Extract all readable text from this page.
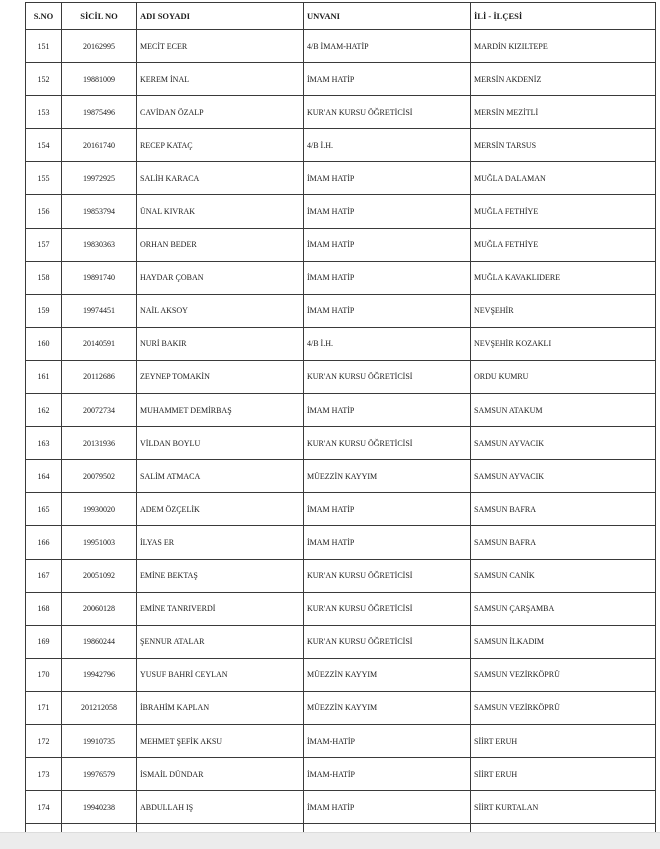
S.NO	SİCİL NO	ADI SOYADI	UNVANI	İLİ - İLÇESİ
151	20162995	MECİT ECER	4/B İMAM-HATİP	MARDİN KIZILTEPE
152	19881009	KEREM İNAL	İMAM HATİP	MERSİN AKDENİZ
153	19875496	CAVİDAN ÖZALP	KUR'AN KURSU ÖĞRETİCİSİ	MERSİN MEZİTLİ
154	20161740	RECEP KATAÇ	4/B İ.H.	MERSİN TARSUS
155	19972925	SALİH KARACA	İMAM HATİP	MUĞLA DALAMAN
156	19853794	ÜNAL KIVRAK	İMAM HATİP	MUĞLA FETHİYE
157	19830363	ORHAN BEDER	İMAM HATİP	MUĞLA FETHİYE
158	19891740	HAYDAR ÇOBAN	İMAM HATİP	MUĞLA KAVAKLIDERE
159	19974451	NAİL AKSOY	İMAM HATİP	NEVŞEHİR
160	20140591	NURİ BAKIR	4/B İ.H.	NEVŞEHİR KOZAKLI
161	20112686	ZEYNEP TOMAKİN	KUR'AN KURSU ÖĞRETİCİSİ	ORDU KUMRU
162	20072734	MUHAMMET DEMİRBAŞ	İMAM HATİP	SAMSUN ATAKUM
163	20131936	VİLDAN BOYLU	KUR'AN KURSU ÖĞRETİCİSİ	SAMSUN AYVACIK
164	20079502	SALİM ATMACA	MÜEZZİN KAYYIM	SAMSUN AYVACIK
165	19930020	ADEM ÖZÇELİK	İMAM HATİP	SAMSUN BAFRA
166	19951003	İLYAS ER	İMAM HATİP	SAMSUN BAFRA
167	20051092	EMİNE BEKTAŞ	KUR'AN KURSU ÖĞRETİCİSİ	SAMSUN CANİK
168	20060128	EMİNE TANRIVERDİ	KUR'AN KURSU ÖĞRETİCİSİ	SAMSUN ÇARŞAMBA
169	19860244	ŞENNUR ATALAR	KUR'AN KURSU ÖĞRETİCİSİ	SAMSUN İLKADIM
170	19942796	YUSUF BAHRİ CEYLAN	MÜEZZİN KAYYIM	SAMSUN VEZİRKÖPRÜ
171	201212058	İBRAHİM KAPLAN	MÜEZZİN KAYYIM	SAMSUN VEZİRKÖPRÜ
172	19910735	MEHMET ŞEFİK AKSU	İMAM-HATİP	SİİRT ERUH
173	19976579	İSMAİL DÜNDAR	İMAM-HATİP	SİİRT ERUH
174	19940238	ABDULLAH IŞ	İMAM HATİP	SİİRT KURTALAN
